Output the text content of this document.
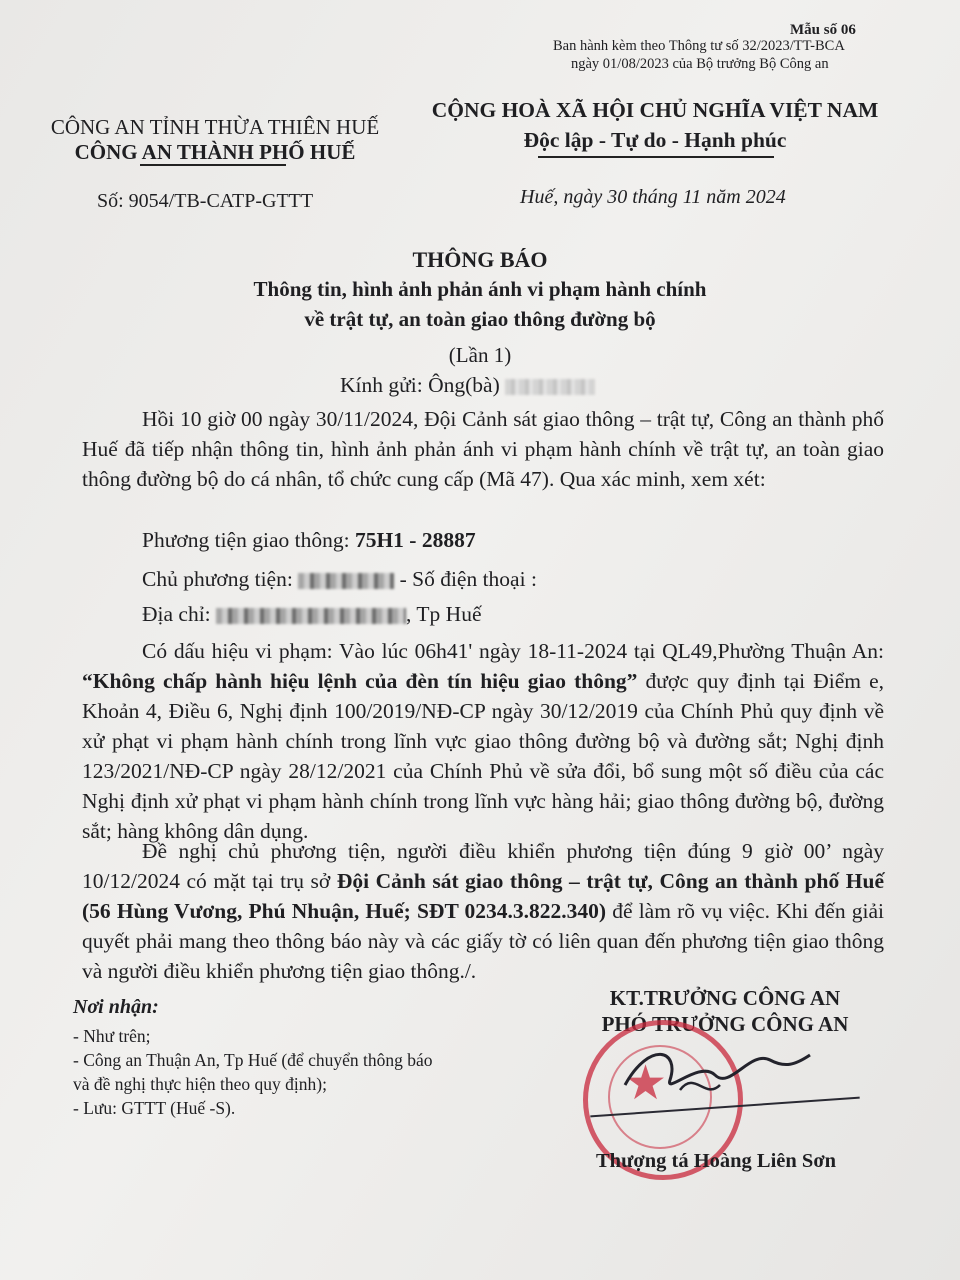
Mẫu số 06
Ban hành kèm theo Thông tư số 32/2023/TT-BCA
ngày 01/08/2023 của Bộ trưởng Bộ Công an
CÔNG AN TỈNH THỪA THIÊN HUẾ
CÔNG AN THÀNH PHỐ HUẾ
Số: 9054/TB-CATP-GTTT
CỘNG HOÀ XÃ HỘI CHỦ NGHĨA VIỆT NAM
Độc lập - Tự do - Hạnh phúc
Huế, ngày 30 tháng 11 năm 2024
THÔNG BÁO
Thông tin, hình ảnh phản ánh vi phạm hành chính
về trật tự, an toàn giao thông đường bộ
(Lần 1)
Kính gửi: Ông(bà)
Hồi 10 giờ 00 ngày 30/11/2024, Đội Cảnh sát giao thông – trật tự, Công an thành phố Huế đã tiếp nhận thông tin, hình ảnh phản ánh vi phạm hành chính về trật tự, an toàn giao thông đường bộ do cá nhân, tổ chức cung cấp (Mã 47). Qua xác minh, xem xét:
Phương tiện giao thông: 75H1 - 28887
Chủ phương tiện:	- Số điện thoại :
Địa chỉ:	, Tp Huế
Có dấu hiệu vi phạm: Vào lúc 06h41' ngày 18-11-2024 tại QL49,Phường Thuận An: “Không chấp hành hiệu lệnh của đèn tín hiệu giao thông” được quy định tại Điểm e, Khoản 4, Điều 6, Nghị định 100/2019/NĐ-CP ngày 30/12/2019 của Chính Phủ quy định về xử phạt vi phạm hành chính trong lĩnh vực giao thông đường bộ và đường sắt; Nghị định 123/2021/NĐ-CP ngày 28/12/2021 của Chính Phủ về sửa đổi, bổ sung một số điều của các Nghị định xử phạt vi phạm hành chính trong lĩnh vực hàng hải; giao thông đường bộ, đường sắt; hàng không dân dụng.
Đề nghị chủ phương tiện, người điều khiển phương tiện đúng 9 giờ 00’ ngày 10/12/2024 có mặt tại trụ sở Đội Cảnh sát giao thông – trật tự, Công an thành phố Huế (56 Hùng Vương, Phú Nhuận, Huế; SĐT 0234.3.822.340) để làm rõ vụ việc. Khi đến giải quyết phải mang theo thông báo này và các giấy tờ có liên quan đến phương tiện giao thông và người điều khiển phương tiện giao thông./.
Nơi nhận:
- Như trên;
- Công an Thuận An, Tp Huế (để chuyển thông báo
và đề nghị thực hiện theo quy định);
- Lưu: GTTT (Huế -S).
KT.TRƯỞNG CÔNG AN
PHÓ TRƯỞNG CÔNG AN
★
Thượng tá Hoàng Liên Sơn
